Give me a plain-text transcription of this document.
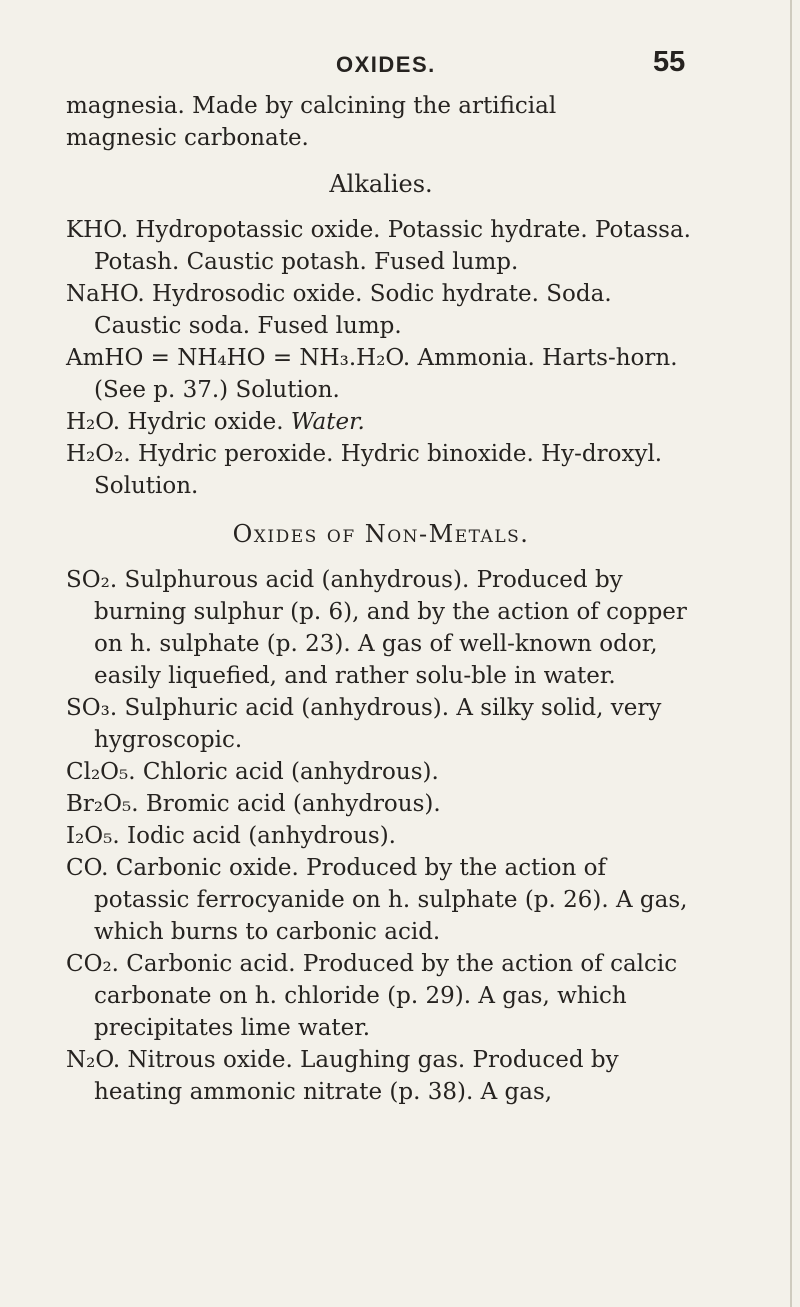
OXIDES.	55

magnesia. Made by calcining the artificial
magnesic carbonate.

Alkalies.

KHO. Hydropotassic oxide. Potassic hydrate. Potassa. Potash. Caustic potash. Fused lump.

NaHO. Hydrosodic oxide. Sodic hydrate. Soda. Caustic soda. Fused lump.

AmHO = NH₄HO = NH₃.H₂O. Ammonia. Harts-horn. (See p. 37.) Solution.

H₂O. Hydric oxide. Water.

H₂O₂. Hydric peroxide. Hydric binoxide. Hy-droxyl. Solution.

Oxides of Non-Metals.

SO₂. Sulphurous acid (anhydrous). Produced by burning sulphur (p. 6), and by the action of copper on h. sulphate (p. 23). A gas of well-known odor, easily liquefied, and rather solu-ble in water.

SO₃. Sulphuric acid (anhydrous). A silky solid, very hygroscopic.

Cl₂O₅. Chloric acid (anhydrous).

Br₂O₅. Bromic acid (anhydrous).

I₂O₅. Iodic acid (anhydrous).

CO. Carbonic oxide. Produced by the action of potassic ferrocyanide on h. sulphate (p. 26). A gas, which burns to carbonic acid.

CO₂. Carbonic acid. Produced by the action of calcic carbonate on h. chloride (p. 29). A gas, which precipitates lime water.

N₂O. Nitrous oxide. Laughing gas. Produced by heating ammonic nitrate (p. 38). A gas,
